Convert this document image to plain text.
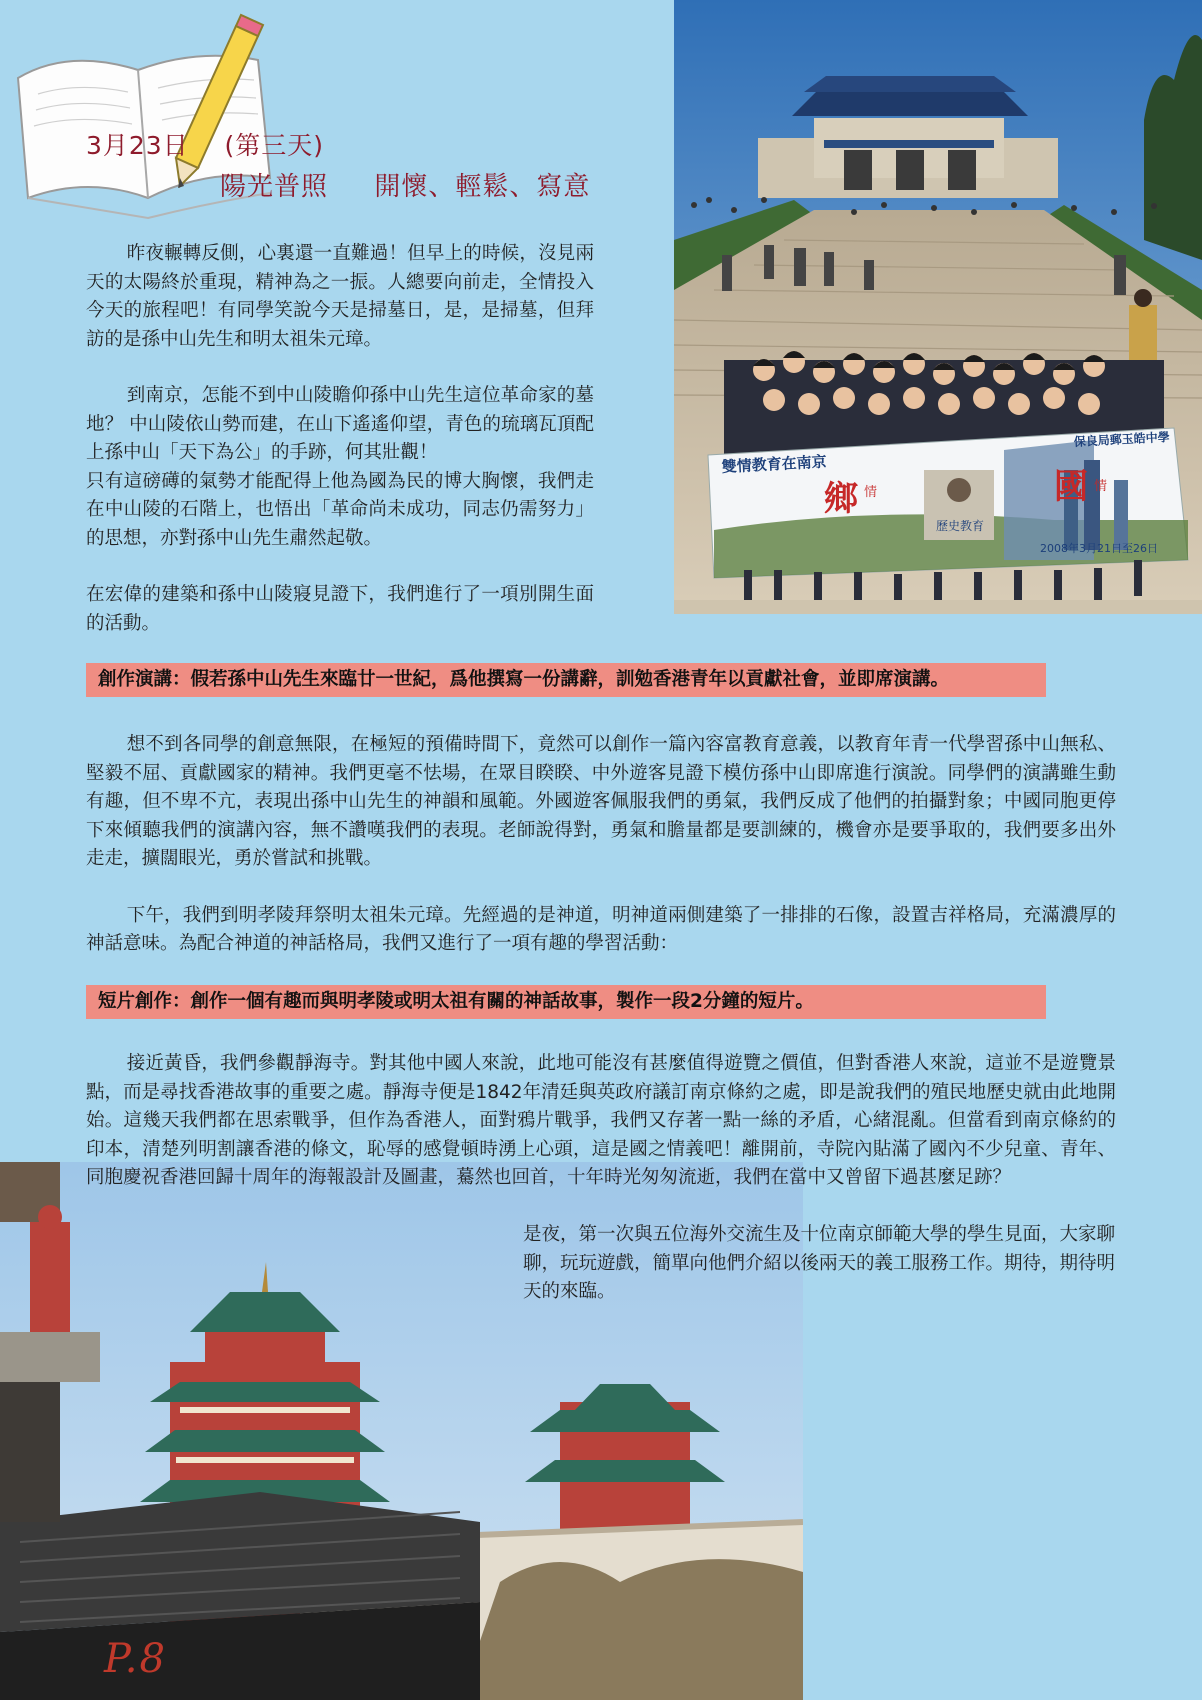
3月23日 (第三天)
陽光普照 開懷、輕鬆、寫意

昨夜輾轉反側，心裏還一直難過！但早上的時候，沒見兩天的太陽終於重現，精神為之一振。人總要向前走，全情投入今天的旅程吧！有同學笑說今天是掃墓日，是，是掃墓，但拜訪的是孫中山先生和明太祖朱元璋。

到南京，怎能不到中山陵瞻仰孫中山先生這位革命家的墓地？ 中山陵依山勢而建，在山下遙遙仰望，青色的琉璃瓦頂配上孫中山「天下為公」的手跡，何其壯觀！

只有這磅礡的氣勢才能配得上他為國為民的博大胸懷，我們走在中山陵的石階上，也悟出「革命尚未成功，同志仍需努力」的思想，亦對孫中山先生肅然起敬。

在宏偉的建築和孫中山陵寢見證下，我們進行了一項別開生面的活動。

雙情教育在南京
保良局郵玉皓中學
鄉 情	國 情
歷史教育
2008年3月21日至26日
創作演講：假若孫中山先生來臨廿一世紀，爲他撰寫一份講辭，訓勉香港青年以貢獻社會，並即席演講。

想不到各同學的創意無限，在極短的預備時間下，竟然可以創作一篇內容富教育意義，以教育年青一代學習孫中山無私、堅毅不屈、貢獻國家的精神。我們更毫不怯場，在眾目睽睽、中外遊客見證下模仿孫中山即席進行演說。同學們的演講雖生動有趣，但不卑不亢，表現出孫中山先生的神韻和風範。外國遊客佩服我們的勇氣，我們反成了他們的拍攝對象；中國同胞更停下來傾聽我們的演講內容，無不讚嘆我們的表現。老師說得對，勇氣和膽量都是要訓練的，機會亦是要爭取的，我們要多出外走走，擴闊眼光，勇於嘗試和挑戰。

下午，我們到明孝陵拜祭明太祖朱元璋。先經過的是神道，明神道兩側建築了一排排的石像，設置吉祥格局，充滿濃厚的神話意味。為配合神道的神話格局，我們又進行了一項有趣的學習活動：

短片創作：創作一個有趣而與明孝陵或明太祖有關的神話故事，製作一段2分鐘的短片。

接近黃昏，我們參觀靜海寺。對其他中國人來說，此地可能沒有甚麼值得遊覽之價值，但對香港人來說，這並不是遊覽景點，而是尋找香港故事的重要之處。靜海寺便是1842年清廷與英政府議訂南京條約之處，即是說我們的殖民地歷史就由此地開始。這幾天我們都在思索戰爭，但作為香港人，面對鴉片戰爭，我們又存著一點一絲的矛盾，心緒混亂。但當看到南京條約的印本，清楚列明割讓香港的條文，恥辱的感覺頓時湧上心頭，這是國之情義吧！離開前，寺院內貼滿了國內不少兒童、青年、同胞慶祝香港回歸十周年的海報設計及圖畫，驀然也回首，十年時光匆匆流逝，我們在當中又曾留下過甚麼足跡？

是夜，第一次與五位海外交流生及十位南京師範大學的學生見面，大家聊聊，玩玩遊戲，簡單向他們介紹以後兩天的義工服務工作。期待，期待明天的來臨。

P.8
